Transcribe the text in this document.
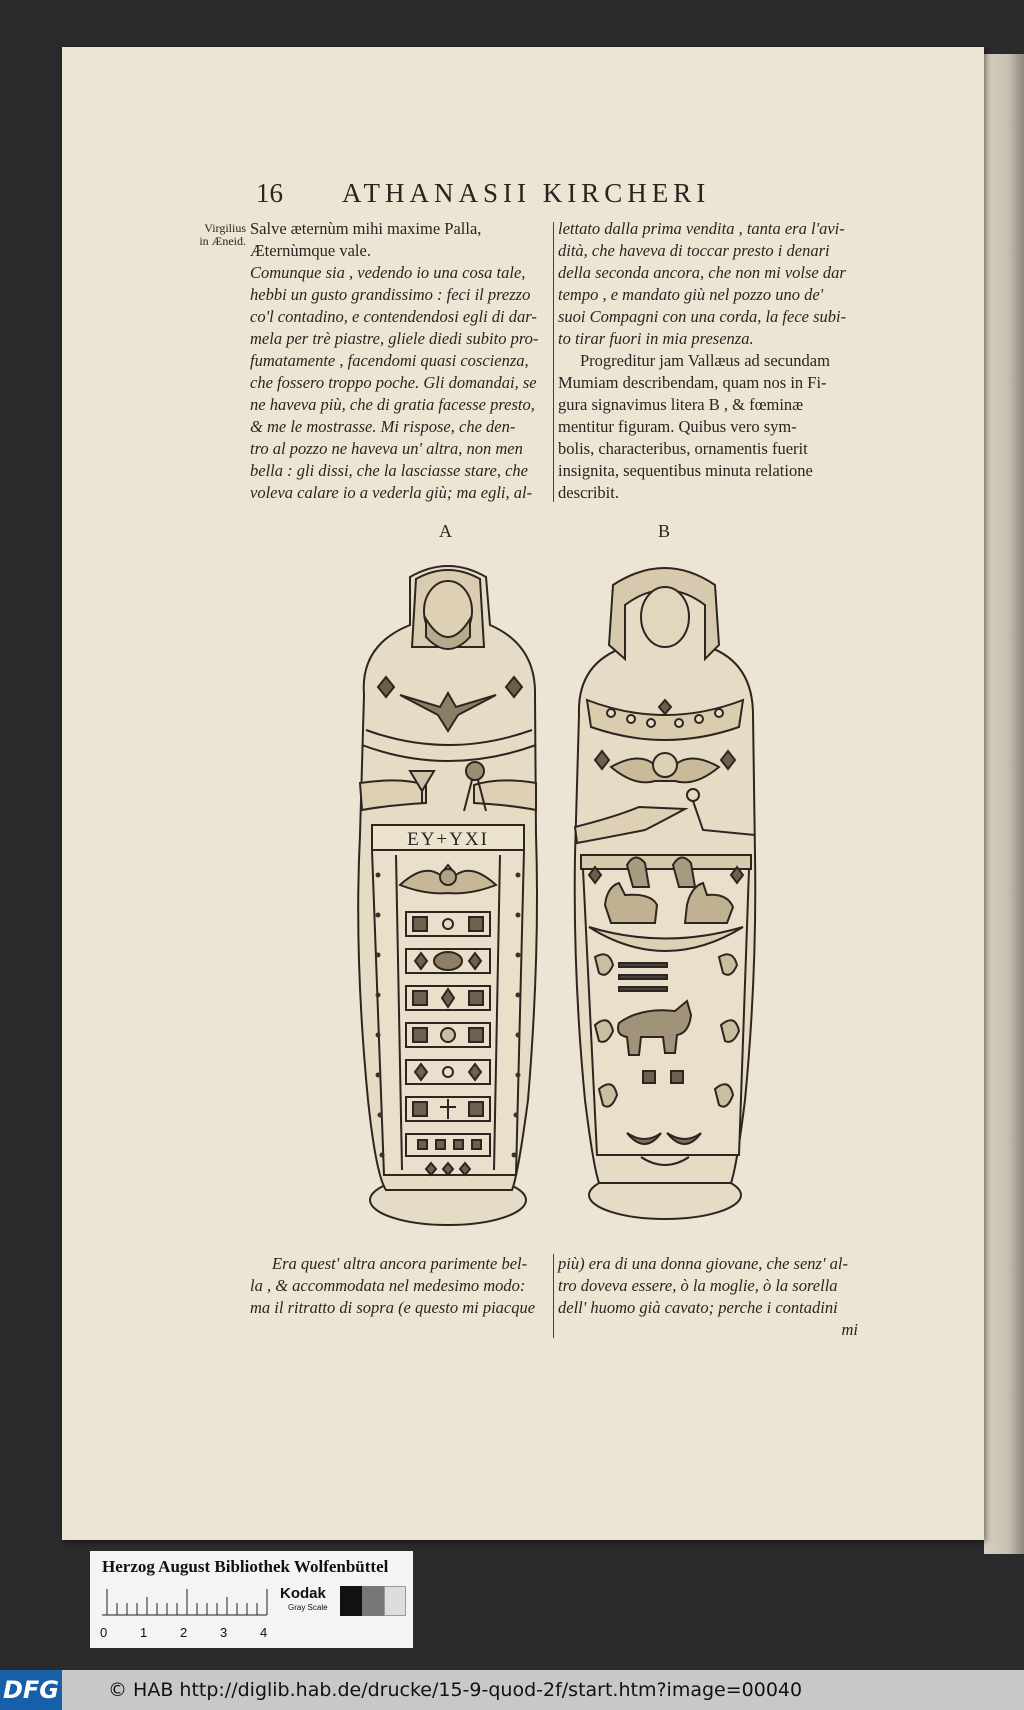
16 ATHANASII KIRCHERI
Virgilius
in Æneid.
Salve æternùm mihi maxime Palla,
Æternùmque vale.
Comunque sia , vedendo io una cosa tale,
hebbi un gusto grandissimo : feci il prezzo
co'l contadino, e contendendosi egli di dar-
mela per trè piastre, gliele diedi subito pro-
fumatamente , facendomi quasi coscienza,
che fossero troppo poche. Gli domandai, se
ne haveva più, che di gratia facesse presto,
& me le mostrasse. Mi rispose, che den-
tro al pozzo ne haveva un' altra, non men
bella : gli dissi, che la lasciasse stare, che
voleva calare io a vederla giù; ma egli, al-
lettato dalla prima vendita , tanta era l'avi-
dità, che haveva di toccar presto i denari
della seconda ancora, che non mi volse dar
tempo , e mandato giù nel pozzo uno de'
suoi Compagni con una corda, la fece subi-
to tirar fuori in mia presenza.
Progreditur jam Vallæus ad secundam
Mumiam describendam, quam nos in Fi-
gura signavimus litera B , & fœminæ
mentitur figuram. Quibus vero sym-
bolis, characteribus, ornamentis fuerit
insignita, sequentibus minuta relatione
describit.
A	B
EΥ+ΥXI
Era quest' altra ancora parimente bel-
la , & accommodata nel medesimo modo:
ma il ritratto di sopra (e questo mi piacque
più) era di una donna giovane, che senz' al-
tro doveva essere, ò la moglie, ò la sorella
dell' huomo già cavato; perche i contadini
mi
Herzog August Bibliothek Wolfenbüttel
0	1	2	3	4
Kodak
Gray Scale
DFG	© HAB http://diglib.hab.de/drucke/15-9-quod-2f/start.htm?image=00040
